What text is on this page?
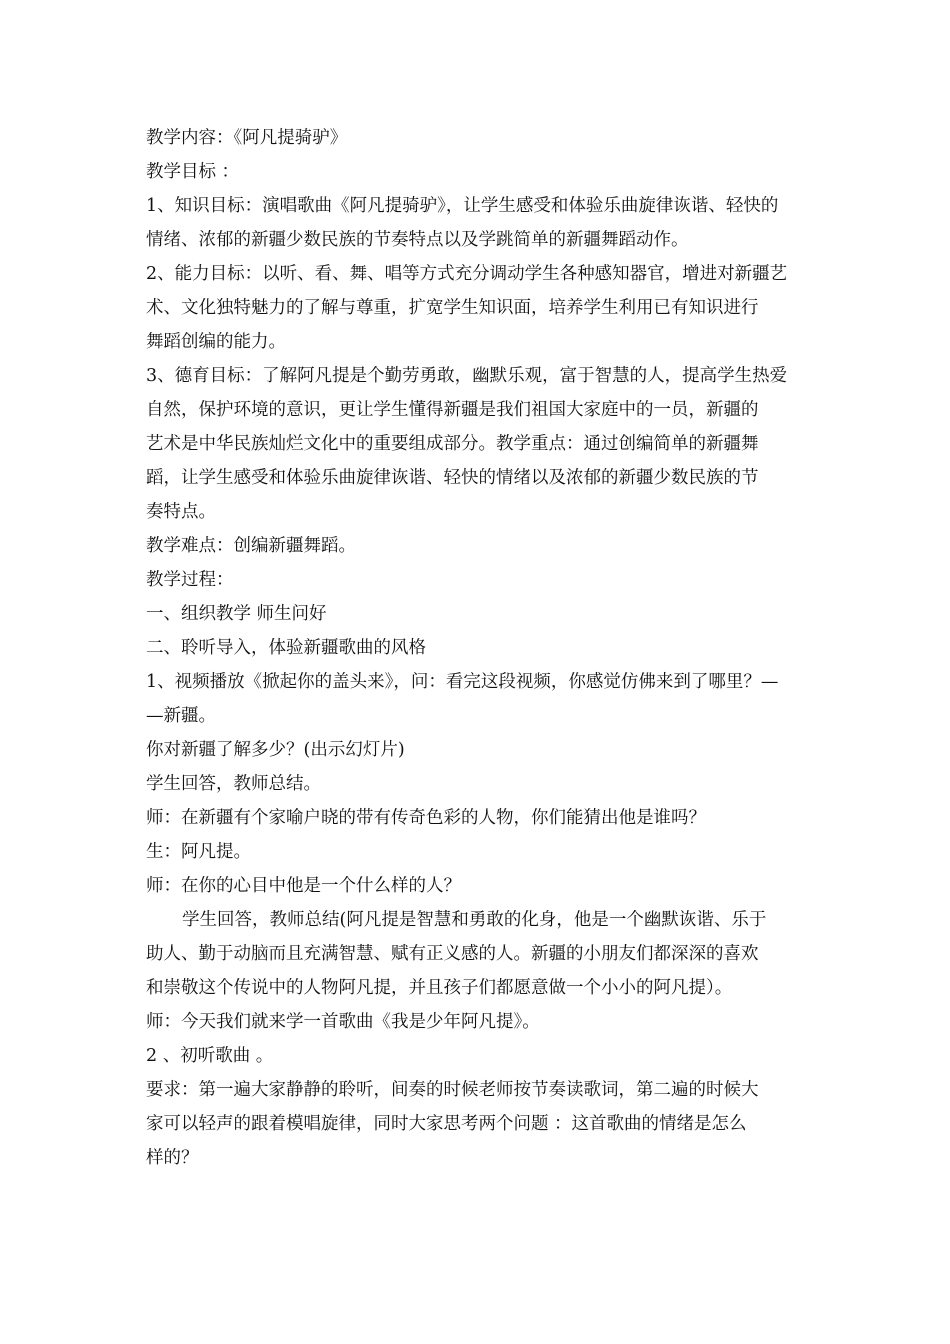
教学内容：《阿凡提骑驴》
教学目标 ：
1、知识目标：演唱歌曲《阿凡提骑驴》，让学生感受和体验乐曲旋律诙谐、轻快的
情绪、浓郁的新疆少数民族的节奏特点以及学跳简单的新疆舞蹈动作。
2、能力目标：以听、看、舞、唱等方式充分调动学生各种感知器官，增进对新疆艺
术、文化独特魅力的了解与尊重，扩宽学生知识面，培养学生利用已有知识进行
舞蹈创编的能力。
3、德育目标：了解阿凡提是个勤劳勇敢，幽默乐观，富于智慧的人，提高学生热爱
自然，保护环境的意识，更让学生懂得新疆是我们祖国大家庭中的一员，新疆的
艺术是中华民族灿烂文化中的重要组成部分。教学重点：通过创编简单的新疆舞
蹈，让学生感受和体验乐曲旋律诙谐、轻快的情绪以及浓郁的新疆少数民族的节
奏特点。
教学难点：创编新疆舞蹈。
教学过程：
一、组织教学 师生问好
二、聆听导入，体验新疆歌曲的风格
1、视频播放《掀起你的盖头来》，问：看完这段视频，你感觉仿佛来到了哪里？—
—新疆。
你对新疆了解多少？(出示幻灯片)
学生回答，教师总结。
师：在新疆有个家喻户晓的带有传奇色彩的人物，你们能猜出他是谁吗？
生：阿凡提。
师：在你的心目中他是一个什么样的人？
学生回答，教师总结(阿凡提是智慧和勇敢的化身，他是一个幽默诙谐、乐于
助人、勤于动脑而且充满智慧、赋有正义感的人。新疆的小朋友们都深深的喜欢
和崇敬这个传说中的人物阿凡提，并且孩子们都愿意做一个小小的阿凡提）。
师：今天我们就来学一首歌曲《我是少年阿凡提》。
2 、初听歌曲 。
要求：第一遍大家静静的聆听，间奏的时候老师按节奏读歌词，第二遍的时候大
家可以轻声的跟着模唱旋律，同时大家思考两个问题 ：这首歌曲的情绪是怎么
样的？
